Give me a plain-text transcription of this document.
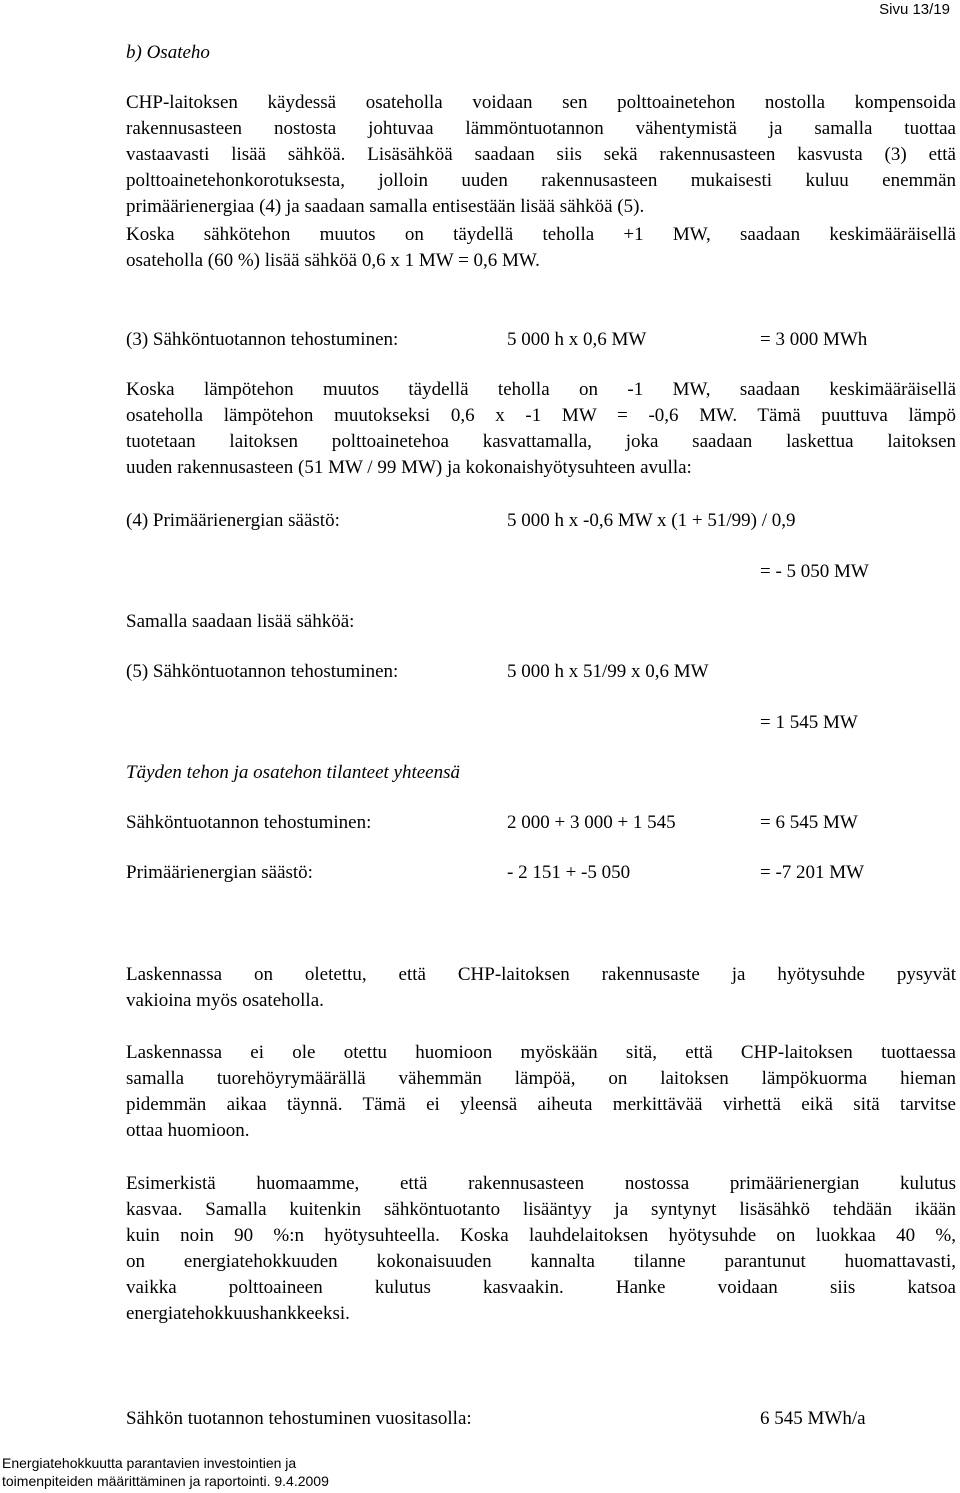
Sivu 13/19
b) Osateho
CHP-laitoksen käydessä osateholla voidaan sen polttoainetehon nostolla kompensoida
rakennusasteen nostosta johtuvaa lämmöntuotannon vähentymistä ja samalla tuottaa
vastaavasti lisää sähköä. Lisäsähköä saadaan siis sekä rakennusasteen kasvusta (3) että
polttoainetehonkorotuksesta, jolloin uuden rakennusasteen mukaisesti kuluu enemmän
primäärienergiaa (4) ja saadaan samalla entisestään lisää sähköä (5).
Koska sähkötehon muutos on täydellä teholla +1 MW, saadaan keskimääräisellä
osateholla (60 %) lisää sähköä 0,6 x 1 MW = 0,6 MW.
(3) Sähköntuotannon tehostuminen:	5 000 h x 0,6 MW	= 3 000 MWh
Koska lämpötehon muutos täydellä teholla on -1 MW, saadaan keskimääräisellä
osateholla lämpötehon muutokseksi 0,6 x -1 MW = -0,6 MW. Tämä puuttuva lämpö
tuotetaan laitoksen polttoainetehoa kasvattamalla, joka saadaan laskettua laitoksen
uuden rakennusasteen (51 MW / 99 MW) ja kokonaishyötysuhteen avulla:
(4) Primäärienergian säästö:	5 000 h x -0,6 MW x (1 + 51/99) / 0,9
= - 5 050 MW
Samalla saadaan lisää sähköä:
(5) Sähköntuotannon tehostuminen:	5 000 h x 51/99 x 0,6 MW
= 1 545 MW
Täyden tehon ja osatehon tilanteet yhteensä
Sähköntuotannon tehostuminen:	2 000 + 3 000 + 1 545	= 6 545 MW
Primäärienergian säästö:	- 2 151 + -5 050	= -7 201 MW
Laskennassa on oletettu, että CHP-laitoksen rakennusaste ja hyötysuhde pysyvät
vakioina myös osateholla.
Laskennassa ei ole otettu huomioon myöskään sitä, että CHP-laitoksen tuottaessa
samalla tuorehöyrymäärällä vähemmän lämpöä, on laitoksen lämpökuorma hieman
pidemmän aikaa täynnä. Tämä ei yleensä aiheuta merkittävää virhettä eikä sitä tarvitse
ottaa huomioon.
Esimerkistä huomaamme, että rakennusasteen nostossa primäärienergian kulutus
kasvaa. Samalla kuitenkin sähköntuotanto lisääntyy ja syntynyt lisäsähkö tehdään ikään
kuin noin 90 %:n hyötysuhteella. Koska lauhdelaitoksen hyötysuhde on luokkaa 40 %,
on energiatehokkuuden kokonaisuuden kannalta tilanne parantunut huomattavasti,
vaikka polttoaineen kulutus kasvaakin. Hanke voidaan siis katsoa
energiatehokkuushankkeeksi.
Sähkön tuotannon tehostuminen vuositasolla:	6 545 MWh/a
Energiatehokkuutta parantavien investointien ja
toimenpiteiden määrittäminen ja raportointi. 9.4.2009
